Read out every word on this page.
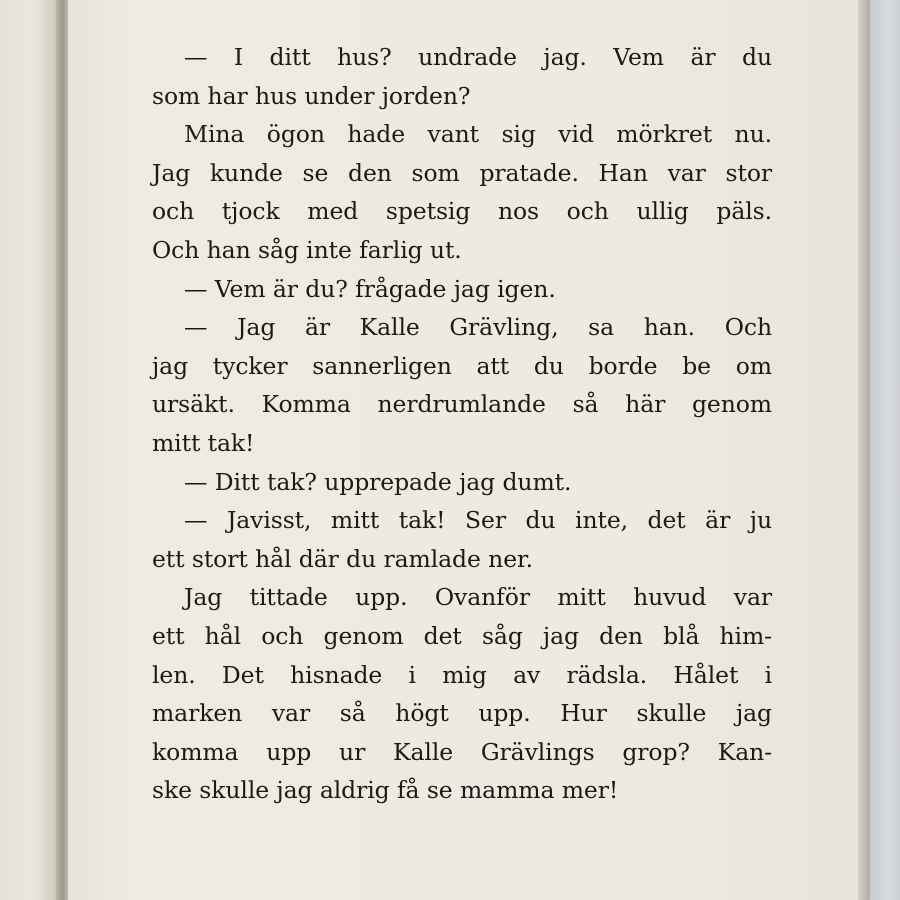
— I ditt hus? undrade jag. Vem är du
som har hus under jorden?
Mina ögon hade vant sig vid mörkret nu.
Jag kunde se den som pratade. Han var stor
och tjock med spetsig nos och ullig päls.
Och han såg inte farlig ut.
— Vem är du? frågade jag igen.
— Jag är Kalle Grävling, sa han. Och
jag tycker sannerligen att du borde be om
ursäkt. Komma nerdrumlande så här genom
mitt tak!
— Ditt tak? upprepade jag dumt.
— Javisst, mitt tak! Ser du inte, det är ju
ett stort hål där du ramlade ner.
Jag tittade upp. Ovanför mitt huvud var
ett hål och genom det såg jag den blå him-
len. Det hisnade i mig av rädsla. Hålet i
marken var så högt upp. Hur skulle jag
komma upp ur Kalle Grävlings grop? Kan-
ske skulle jag aldrig få se mamma mer!
